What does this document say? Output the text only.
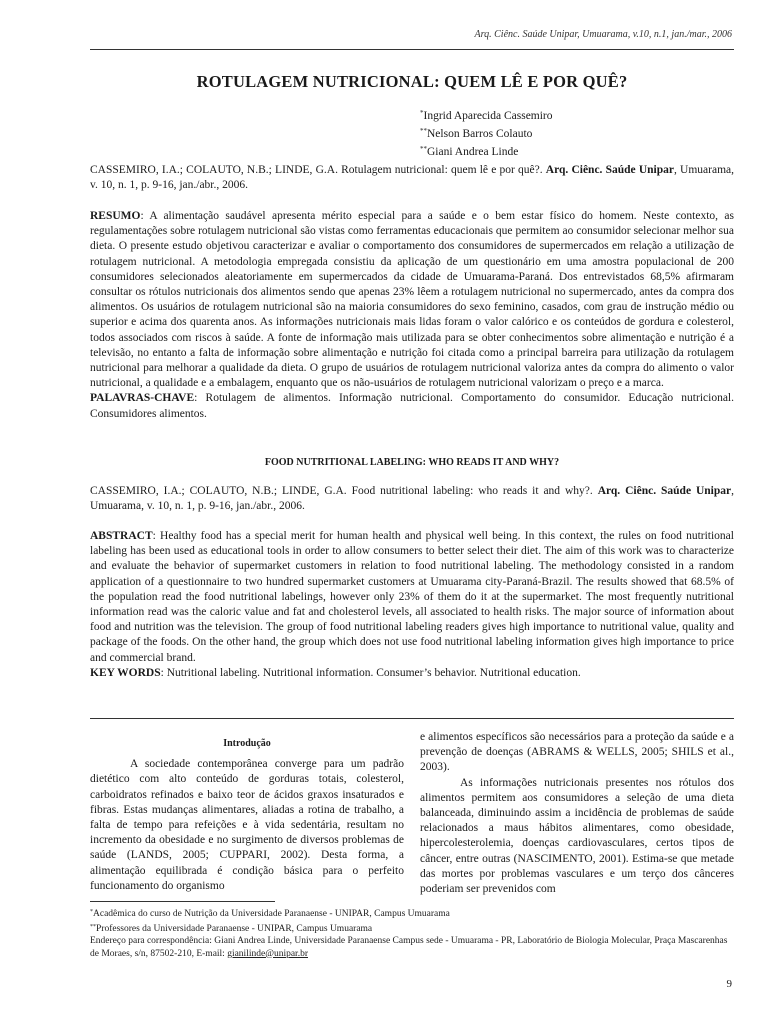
Arq. Ciênc. Saúde Unipar, Umuarama, v.10, n.1, jan./mar., 2006
ROTULAGEM NUTRICIONAL: QUEM LÊ E POR QUÊ?
*Ingrid Aparecida Cassemiro
**Nelson Barros Colauto
**Giani Andrea Linde
CASSEMIRO, I.A.; COLAUTO, N.B.; LINDE, G.A. Rotulagem nutricional: quem lê e por quê?. Arq. Ciênc. Saúde Unipar, Umuarama, v. 10, n. 1, p. 9-16, jan./abr., 2006.
RESUMO: A alimentação saudável apresenta mérito especial para a saúde e o bem estar físico do homem. Neste contexto, as regulamentações sobre rotulagem nutricional são vistas como ferramentas educacionais que permitem ao consumidor selecionar melhor sua dieta. O presente estudo objetivou caracterizar e avaliar o comportamento dos consumidores de supermercados em relação a utilização de rotulagem nutricional. A metodologia empregada consistiu da aplicação de um questionário em uma amostra populacional de 200 consumidores selecionados aleatoriamente em supermercados da cidade de Umuarama-Paraná. Dos entrevistados 68,5% afirmaram consultar os rótulos nutricionais dos alimentos sendo que apenas 23% lêem a rotulagem nutricional no supermercado, antes da compra dos alimentos. Os usuários de rotulagem nutricional são na maioria consumidores do sexo feminino, casados, com grau de instrução médio ou superior e acima dos quarenta anos. As informações nutricionais mais lidas foram o valor calórico e os conteúdos de gordura e colesterol, todos associados com riscos à saúde. A fonte de informação mais utilizada para se obter conhecimentos sobre alimentação e nutrição é a televisão, no entanto a falta de informação sobre alimentação e nutrição foi citada como a principal barreira para utilização da rotulagem nutricional para melhorar a qualidade da dieta. O grupo de usuários de rotulagem nutricional valoriza antes da compra do alimento o valor nutricional, a qualidade e a embalagem, enquanto que os não-usuários de rotulagem nutricional valorizam o preço e a marca.
PALAVRAS-CHAVE: Rotulagem de alimentos. Informação nutricional. Comportamento do consumidor. Educação nutricional. Consumidores alimentos.
FOOD NUTRITIONAL LABELING: WHO READS IT AND WHY?
CASSEMIRO, I.A.; COLAUTO, N.B.; LINDE, G.A. Food nutritional labeling: who reads it and why?. Arq. Ciênc. Saúde Unipar, Umuarama, v. 10, n. 1, p. 9-16, jan./abr., 2006.
ABSTRACT: Healthy food has a special merit for human health and physical well being. In this context, the rules on food nutritional labeling has been used as educational tools in order to allow consumers to better select their diet. The aim of this work was to characterize and evaluate the behavior of supermarket customers in relation to food nutritional labeling. The methodology consisted in a random application of a questionnaire to two hundred supermarket customers at Umuarama city-Paraná-Brazil. The results showed that 68.5% of the population read the food nutritional labelings, however only 23% of them do it at the supermarket. The most frequently nutritional information read was the caloric value and fat and cholesterol levels, all associated to health risks. The major source of information about food and nutrition was the television. The group of food nutritional labeling readers gives high importance to nutritional value, quality and package of the foods. On the other hand, the group which does not use food nutritional labeling information gives high importance to price and commercial brand.
KEY WORDS: Nutritional labeling. Nutritional information. Consumer’s behavior. Nutritional education.

Introdução

A sociedade contemporânea converge para um padrão dietético com alto conteúdo de gorduras totais, colesterol, carboidratos refinados e baixo teor de ácidos graxos insaturados e fibras. Estas mudanças alimentares, aliadas a rotina de trabalho, a falta de tempo para refeições e à vida sedentária, resultam no incremento da obesidade e no surgimento de diversos problemas de saúde (LANDS, 2005; CUPPARI, 2002). Desta forma, a alimentação equilibrada é condição básica para o perfeito funcionamento do organismo

e alimentos específicos são necessários para a proteção da saúde e a prevenção de doenças (ABRAMS & WELLS, 2005; SHILS et al., 2003).

As informações nutricionais presentes nos rótulos dos alimentos permitem aos consumidores a seleção de uma dieta balanceada, diminuindo assim a incidência de problemas de saúde relacionados a maus hábitos alimentares, como obesidade, hipercolesterolemia, doenças cardiovasculares, certos tipos de câncer, entre outras (NASCIMENTO, 2001). Estima-se que metade das mortes por problemas vasculares e um terço dos cânceres poderiam ser prevenidos com

*Acadêmica do curso de Nutrição da Universidade Paranaense - UNIPAR, Campus Umuarama
**Professores da Universidade Paranaense - UNIPAR, Campus Umuarama
Endereço para correspondência: Giani Andrea Linde, Universidade Paranaense Campus sede - Umuarama - PR, Laboratório de Biologia Molecular, Praça Mascarenhas de Moraes, s/n, 87502-210, E-mail: gianilinde@unipar.br
9
